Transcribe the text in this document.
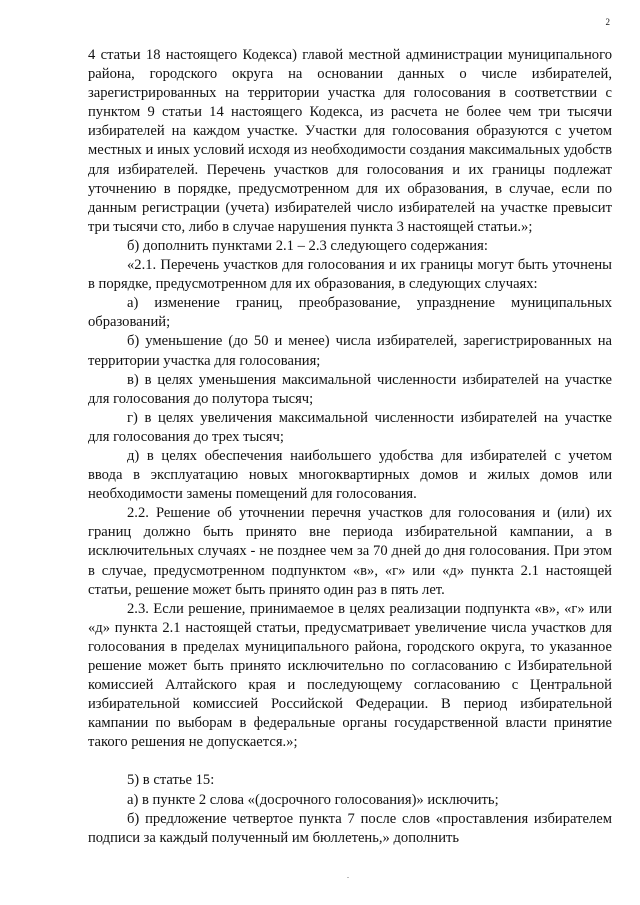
2

4 статьи 18 настоящего Кодекса) главой местной администрации муниципального района, городского округа на основании данных о числе избирателей, зарегистрированных на территории участка для голосования в соответствии с пунктом 9 статьи 14 настоящего Кодекса, из расчета не более чем три тысячи избирателей на каждом участке. Участки для голосования образуются с учетом местных и иных условий исходя из необходимости создания максимальных удобств для избирателей. Перечень участков для голосования и их границы подлежат уточнению в порядке, предусмотренном для их образования, в случае, если по данным регистрации (учета) избирателей число избирателей на участке превысит три тысячи сто, либо в случае нарушения пункта 3 настоящей статьи.»;

б) дополнить пунктами 2.1 – 2.3 следующего содержания:

«2.1. Перечень участков для голосования и их границы могут быть уточнены в порядке, предусмотренном для их образования, в следующих случаях:

а) изменение границ, преобразование, упразднение муниципальных образований;

б) уменьшение (до 50 и менее) числа избирателей, зарегистрированных на территории участка для голосования;

в) в целях уменьшения максимальной численности избирателей на участке для голосования до полутора тысяч;

г) в целях увеличения максимальной численности избирателей на участке для голосования до трех тысяч;

д) в целях обеспечения наибольшего удобства для избирателей с учетом ввода в эксплуатацию новых многоквартирных домов и жилых домов или необходимости замены помещений для голосования.

2.2. Решение об уточнении перечня участков для голосования и (или) их границ должно быть принято вне периода избирательной кампании, а в исключительных случаях - не позднее чем за 70 дней до дня голосования. При этом в случае, предусмотренном подпунктом «в», «г» или «д» пункта 2.1 настоящей статьи, решение может быть принято один раз в пять лет.

2.3. Если решение, принимаемое в целях реализации подпункта «в», «г» или «д» пункта 2.1 настоящей статьи, предусматривает увеличение числа участков для голосования в пределах муниципального района, городского округа, то указанное решение может быть принято исключительно по согласованию с Избирательной комиссией Алтайского края и последующему согласованию с Центральной избирательной комиссией Российской Федерации. В период избирательной кампании по выборам в федеральные органы государственной власти принятие такого решения не допускается.»;

5) в статье 15:

а) в пункте 2 слова «(досрочного голосования)» исключить;

б) предложение четвертое пункта 7 после слов «проставления избирателем подписи за каждый полученный им бюллетень,» дополнить
